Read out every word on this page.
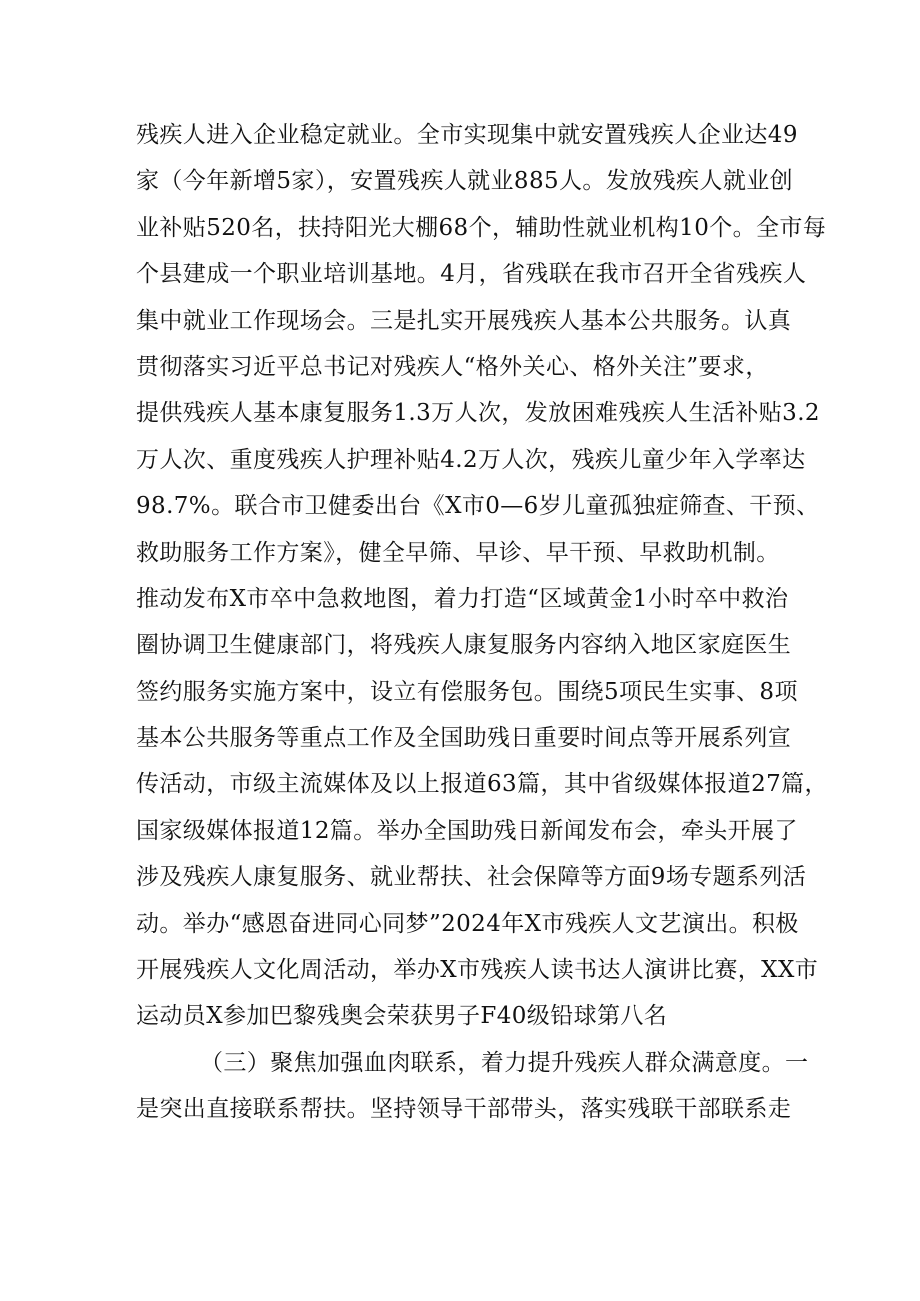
残疾人进入企业稳定就业。全市实现集中就安置残疾人企业达49
家（今年新增5家），安置残疾人就业885人。发放残疾人就业创
业补贴520名，扶持阳光大棚68个，辅助性就业机构10个。全市每
个县建成一个职业培训基地。4月，省残联在我市召开全省残疾人
集中就业工作现场会。三是扎实开展残疾人基本公共服务。认真
贯彻落实习近平总书记对残疾人“格外关心、格外关注”要求，
提供残疾人基本康复服务1.3万人次，发放困难残疾人生活补贴3.2
万人次、重度残疾人护理补贴4.2万人次，残疾儿童少年入学率达
98.7%。联合市卫健委出台《X市0—6岁儿童孤独症筛查、干预、
救助服务工作方案》，健全早筛、早诊、早干预、早救助机制。
推动发布X市卒中急救地图，着力打造“区域黄金1小时卒中救治
圈协调卫生健康部门，将残疾人康复服务内容纳入地区家庭医生
签约服务实施方案中，设立有偿服务包。围绕5项民生实事、8项
基本公共服务等重点工作及全国助残日重要时间点等开展系列宣
传活动，市级主流媒体及以上报道63篇，其中省级媒体报道27篇，
国家级媒体报道12篇。举办全国助残日新闻发布会，牵头开展了
涉及残疾人康复服务、就业帮扶、社会保障等方面9场专题系列活
动。举办“感恩奋进同心同梦”2024年X市残疾人文艺演出。积极
开展残疾人文化周活动，举办X市残疾人读书达人演讲比赛，XX市
运动员X参加巴黎残奥会荣获男子F40级铅球第八名
（三）聚焦加强血肉联系，着力提升残疾人群众满意度。一
是突出直接联系帮扶。坚持领导干部带头，落实残联干部联系走
